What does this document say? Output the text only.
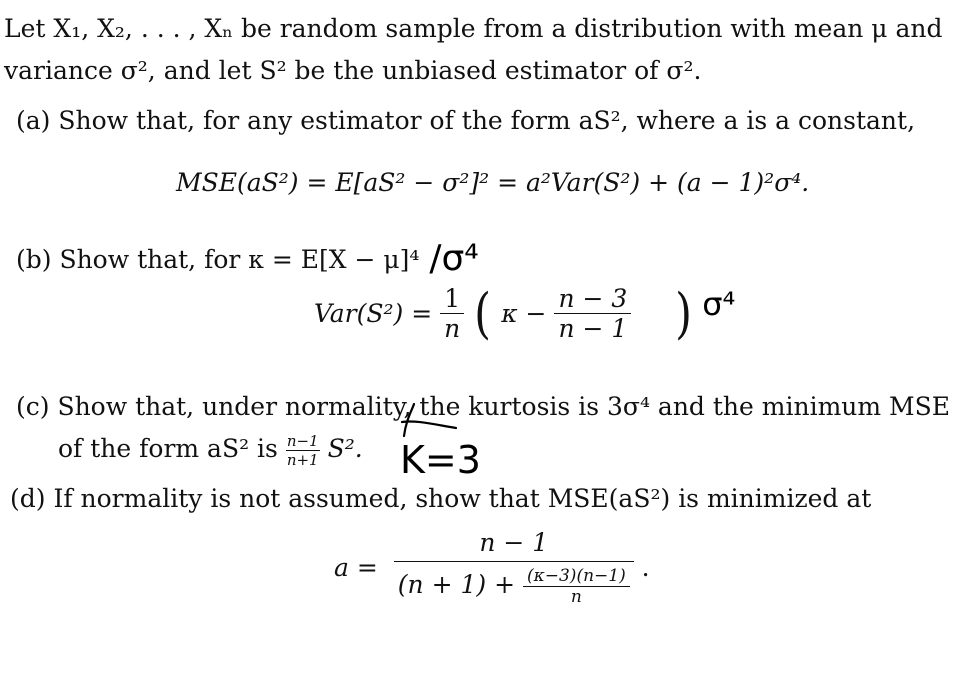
Let X₁, X₂, . . . , Xₙ be random sample from a distribution with mean μ and
variance σ², and let S² be the unbiased estimator of σ².
(a) Show that, for any estimator of the form aS², where a is a constant,
MSE(aS²) = E[aS² − σ²]² = a²Var(S²) + (a − 1)²σ⁴.
(b) Show that, for κ = E[X − μ]⁴ /σ⁴
$Var(S^2) = \frac{1}{n}$ ( $\kappa - \frac{n - 3}{n - 1}$ ) σ⁴
(c) Show that, under normality, the kurtosis is 3σ⁴ and the minimum MSE
of the form aS² is $\frac{n-1}{n+1} S^2$. K=3
(d) If normality is not assumed, show that MSE(aS²) is minimized at
$a = \frac{n - 1}{(n + 1) + \frac{(\kappa-3)(n-1)}{n}}$ .
